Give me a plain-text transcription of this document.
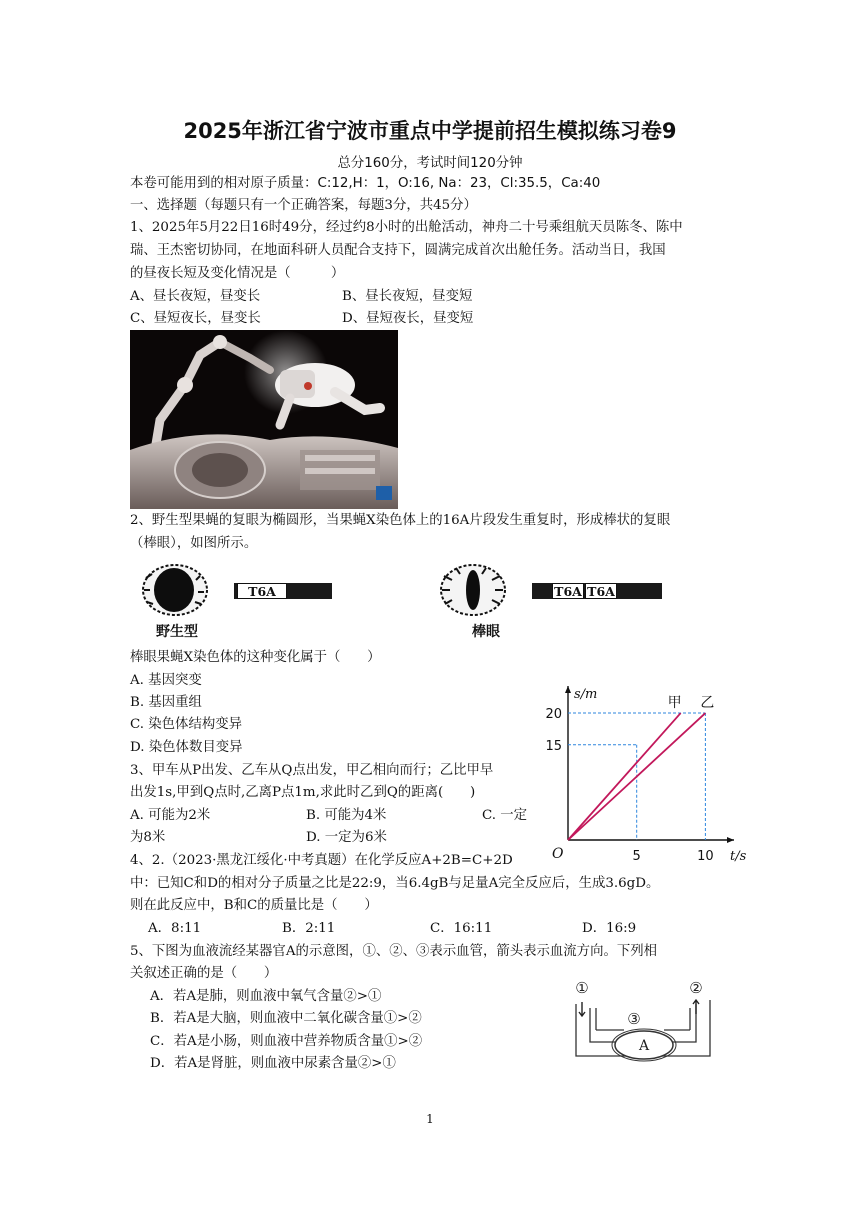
2025年浙江省宁波市重点中学提前招生模拟练习卷9
总分160分，考试时间120分钟
本卷可能用到的相对原子质量：C:12,H：1，O:16, Na：23，Cl:35.5，Ca:40
一、选择题（每题只有一个正确答案，每题3分，共45分）
1、2025年5月22日16时49分，经过约8小时的出舱活动，神舟二十号乘组航天员陈冬、陈中
瑞、王杰密切协同，在地面科研人员配合支持下，圆满完成首次出舱任务。活动当日，我国
的昼夜长短及变化情况是（　　　）
A、昼长夜短，昼变长	B、昼长夜短，昼变短
C、昼短夜长，昼变长	D、昼短夜长，昼变短
2、野生型果蝇的复眼为椭圆形，当果蝇X染色体上的16A片段发生重复时，形成棒状的复眼
（棒眼），如图所示。
T6A
野生型
T6A T6A
棒眼
棒眼果蝇X染色体的这种变化属于（　　）
A. 基因突变
B. 基因重组
C. 染色体结构变异
D. 染色体数目变异
3、甲车从P出发、乙车从Q点出发，甲乙相向而行；乙比甲早
出发1s,甲到Q点时,乙离P点1m,求此时乙到Q的距离(　　)
A. 可能为2米	B. 可能为4米	C. 一定
为8米	D. 一定为6米
t/s
s/m
O
15
20
5	10
甲 乙
4、2.（2023·黑龙江绥化·中考真题）在化学反应A+2B=C+2D
中：已知C和D的相对分子质量之比是22:9，当6.4gB与足量A完全反应后，生成3.6gD。
则在此反应中，B和C的质量比是（　　）
A．8:11	B．2:11	C．16:11	D．16:9
5、下图为血液流经某器官A的示意图，①、②、③表示血管，箭头表示血流方向。下列相
关叙述正确的是（　　）
A．若A是肺，则血液中氧气含量②>①
B．若A是大脑，则血液中二氧化碳含量①>②
C．若A是小肠，则血液中营养物质含量①>②
D．若A是肾脏，则血液中尿素含量②>①
A
①	②
③
1
